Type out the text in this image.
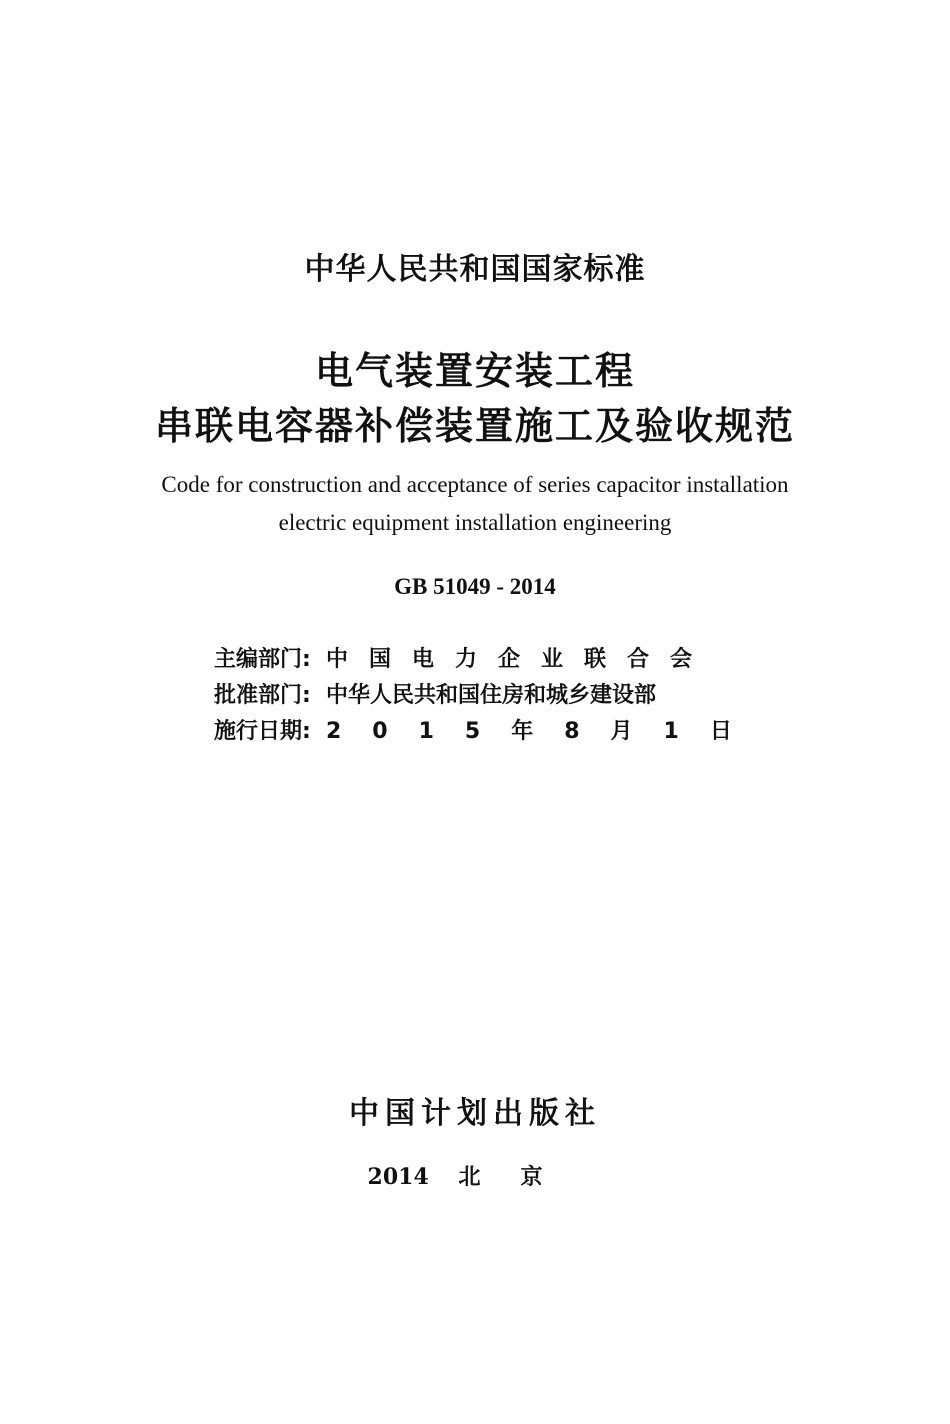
中华人民共和国国家标准
电气装置安装工程
串联电容器补偿装置施工及验收规范
Code for construction and acceptance of series capacitor installation
electric equipment installation engineering
GB 51049 - 2014
主编部门: 中国电力企业联合会
批准部门: 中华人民共和国住房和城乡建设部
施行日期: 2015年8月1日
中国计划出版社
2014 北京
